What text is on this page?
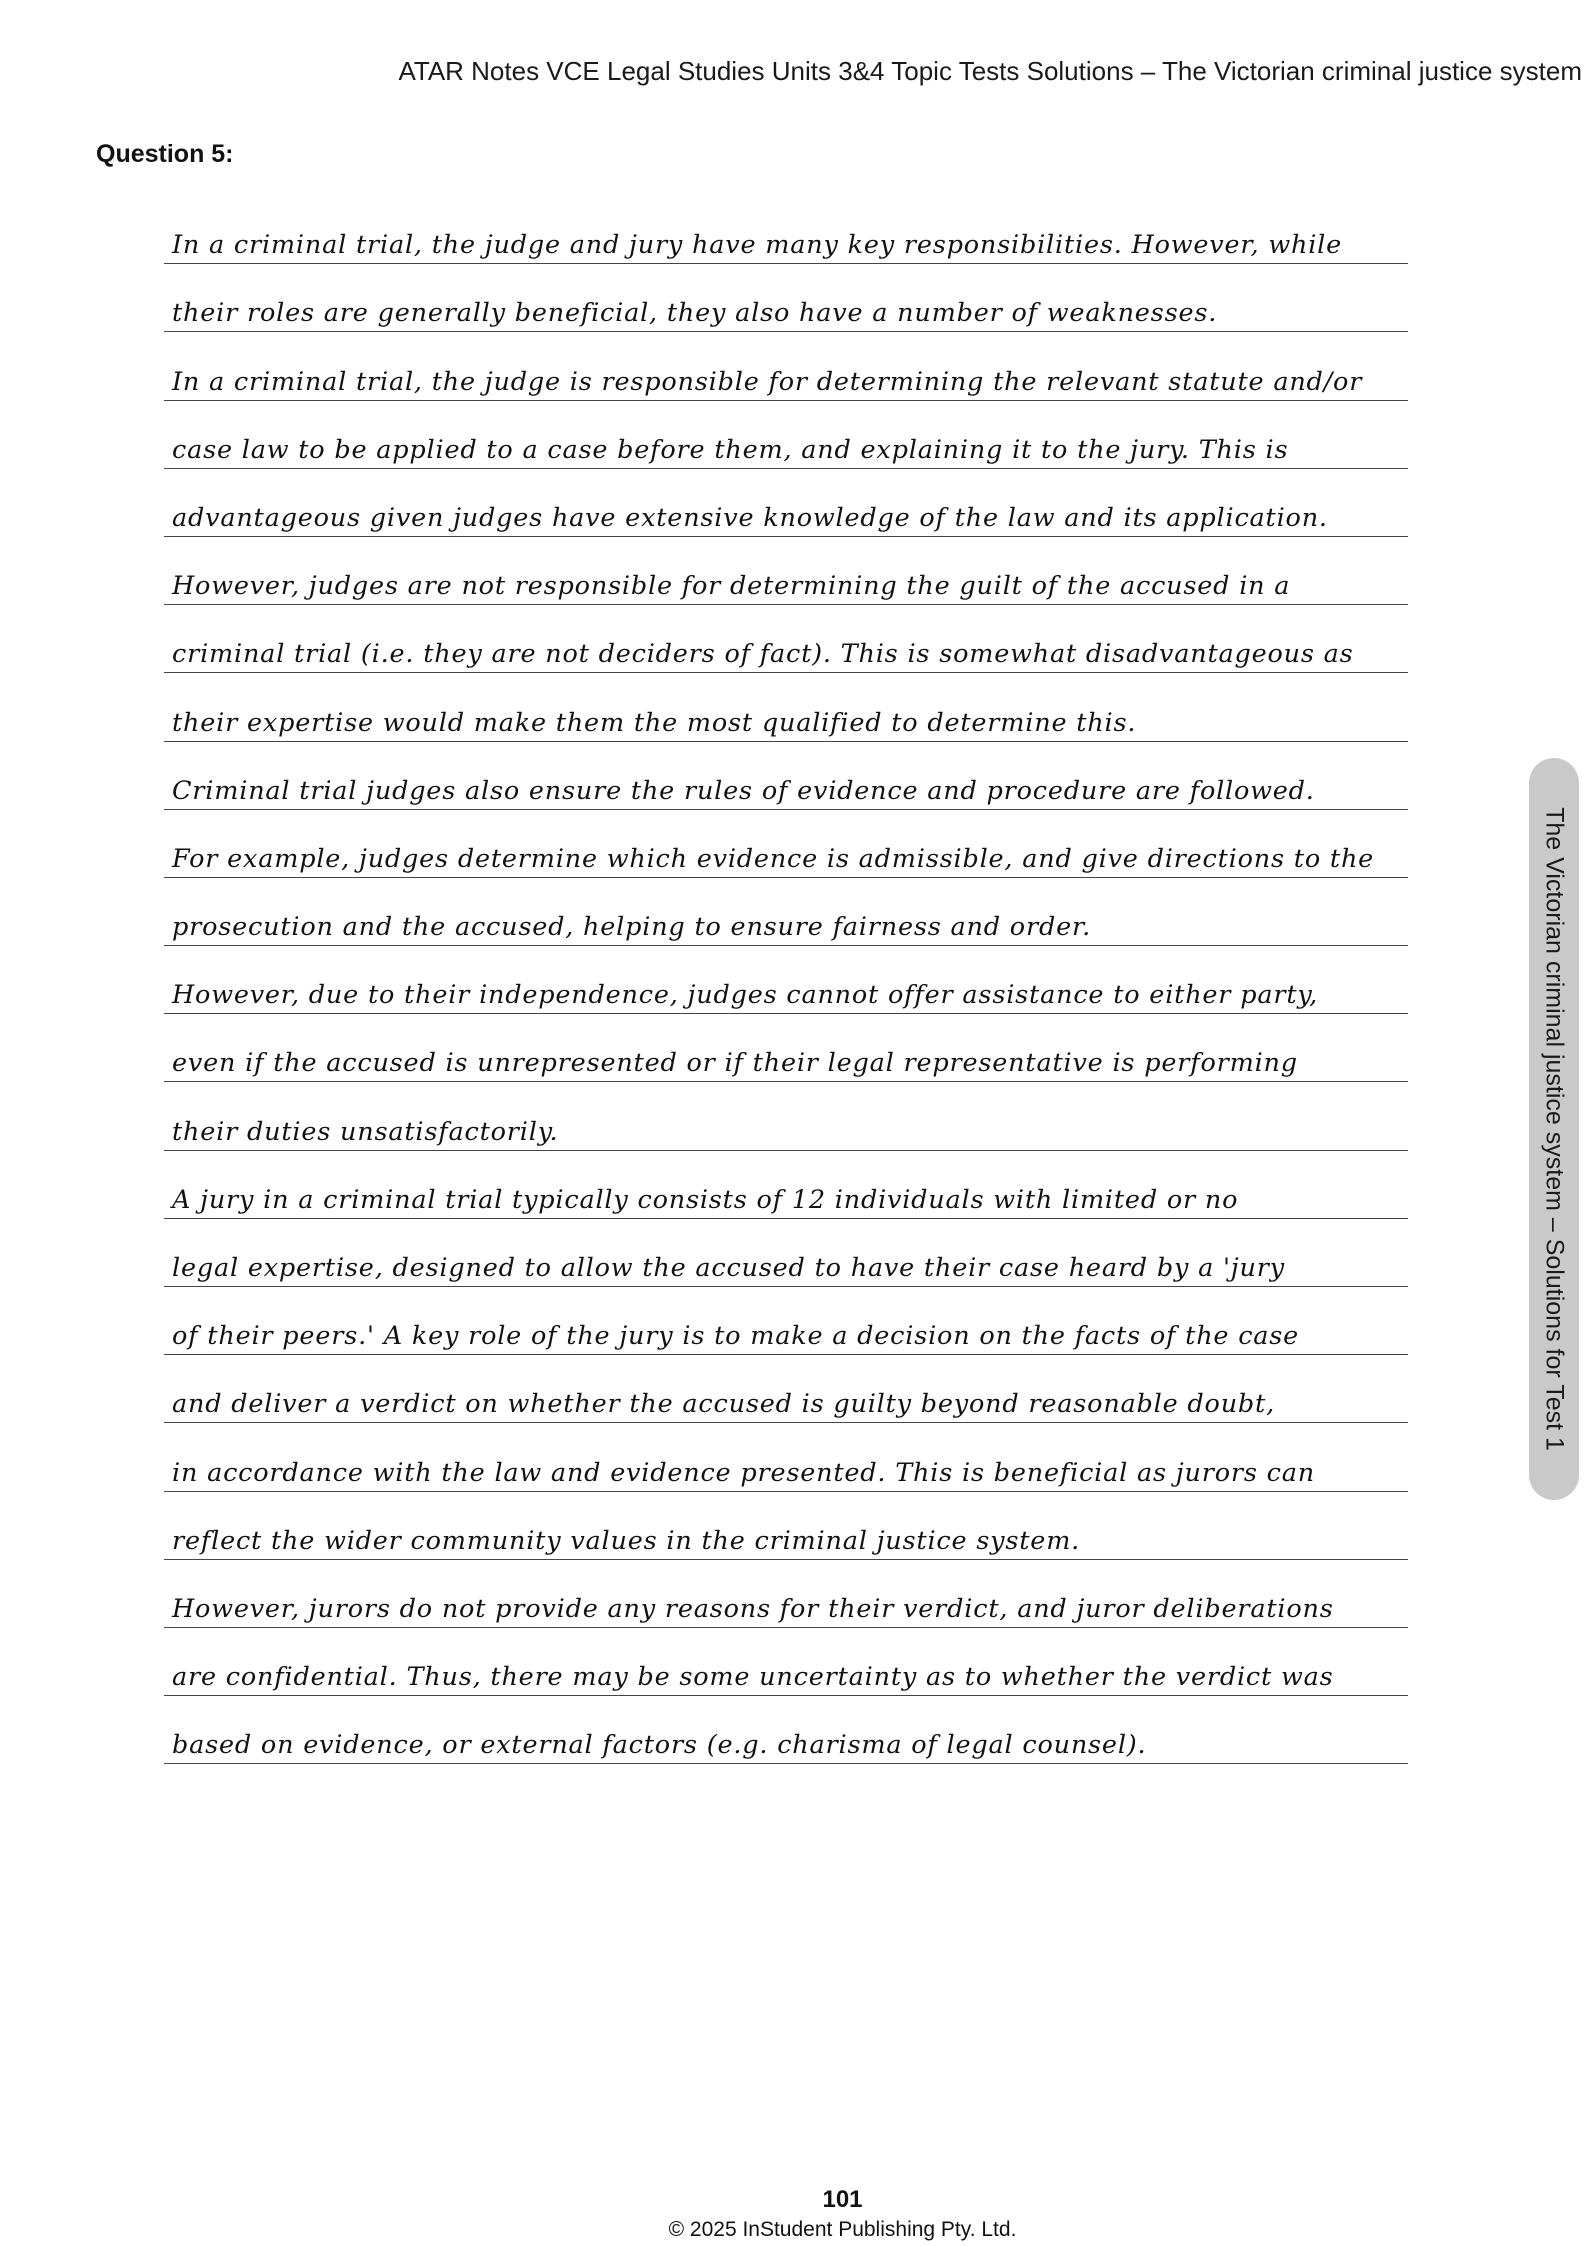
ATAR Notes VCE Legal Studies Units 3&4 Topic Tests Solutions – The Victorian criminal justice system
Question 5:
In a criminal trial, the judge and jury have many key responsibilities. However, while
their roles are generally beneficial, they also have a number of weaknesses.
In a criminal trial, the judge is responsible for determining the relevant statute and/or
case law to be applied to a case before them, and explaining it to the jury. This is
advantageous given judges have extensive knowledge of the law and its application.
However, judges are not responsible for determining the guilt of the accused in a
criminal trial (i.e. they are not deciders of fact). This is somewhat disadvantageous as
their expertise would make them the most qualified to determine this.
Criminal trial judges also ensure the rules of evidence and procedure are followed.
For example, judges determine which evidence is admissible, and give directions to the
prosecution and the accused, helping to ensure fairness and order.
However, due to their independence, judges cannot offer assistance to either party,
even if the accused is unrepresented or if their legal representative is performing
their duties unsatisfactorily.
A jury in a criminal trial typically consists of 12 individuals with limited or no
legal expertise, designed to allow the accused to have their case heard by a 'jury
of their peers.' A key role of the jury is to make a decision on the facts of the case
and deliver a verdict on whether the accused is guilty beyond reasonable doubt,
in accordance with the law and evidence presented. This is beneficial as jurors can
reflect the wider community values in the criminal justice system.
However, jurors do not provide any reasons for their verdict, and juror deliberations
are confidential. Thus, there may be some uncertainty as to whether the verdict was
based on evidence, or external factors (e.g. charisma of legal counsel).
The Victorian criminal justice system – Solutions for Test 1
101
© 2025 InStudent Publishing Pty. Ltd.
